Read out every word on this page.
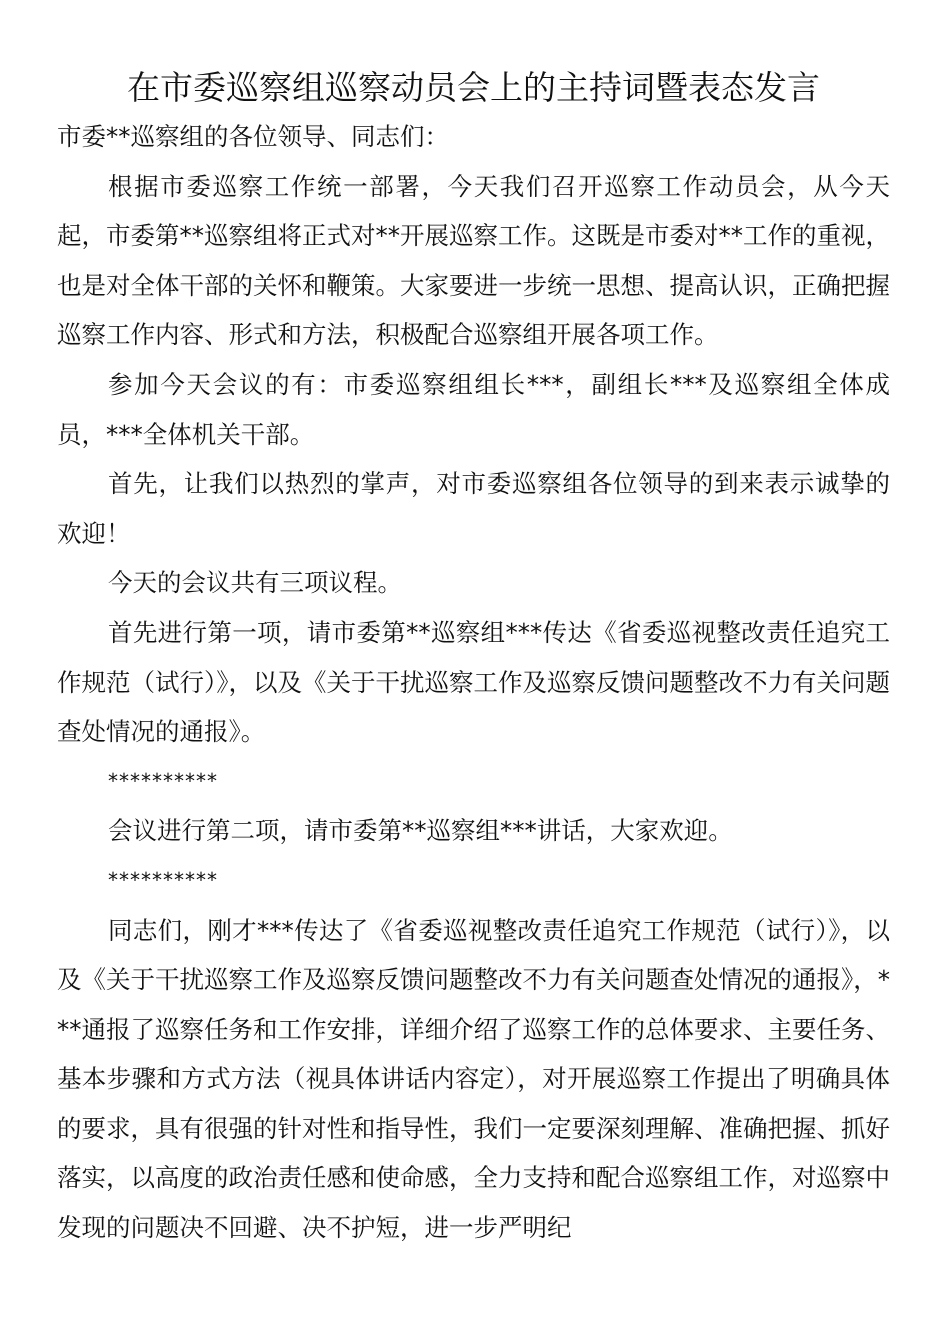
在市委巡察组巡察动员会上的主持词暨表态发言

市委**巡察组的各位领导、同志们：

根据市委巡察工作统一部署，今天我们召开巡察工作动员会，从今天起，市委第**巡察组将正式对**开展巡察工作。这既是市委对**工作的重视，也是对全体干部的关怀和鞭策。大家要进一步统一思想、提高认识，正确把握巡察工作内容、形式和方法，积极配合巡察组开展各项工作。

参加今天会议的有：市委巡察组组长***，副组长***及巡察组全体成员，***全体机关干部。

首先，让我们以热烈的掌声，对市委巡察组各位领导的到来表示诚挚的欢迎！

今天的会议共有三项议程。

首先进行第一项，请市委第**巡察组***传达《省委巡视整改责任追究工作规范（试行）》，以及《关于干扰巡察工作及巡察反馈问题整改不力有关问题查处情况的通报》。

**********

会议进行第二项，请市委第**巡察组***讲话，大家欢迎。

**********

同志们，刚才***传达了《省委巡视整改责任追究工作规范（试行）》，以及《关于干扰巡察工作及巡察反馈问题整改不力有关问题查处情况的通报》，***通报了巡察任务和工作安排，详细介绍了巡察工作的总体要求、主要任务、基本步骤和方式方法（视具体讲话内容定），对开展巡察工作提出了明确具体的要求，具有很强的针对性和指导性，我们一定要深刻理解、准确把握、抓好落实，以高度的政治责任感和使命感，全力支持和配合巡察组工作，对巡察中发现的问题决不回避、决不护短，进一步严明纪
